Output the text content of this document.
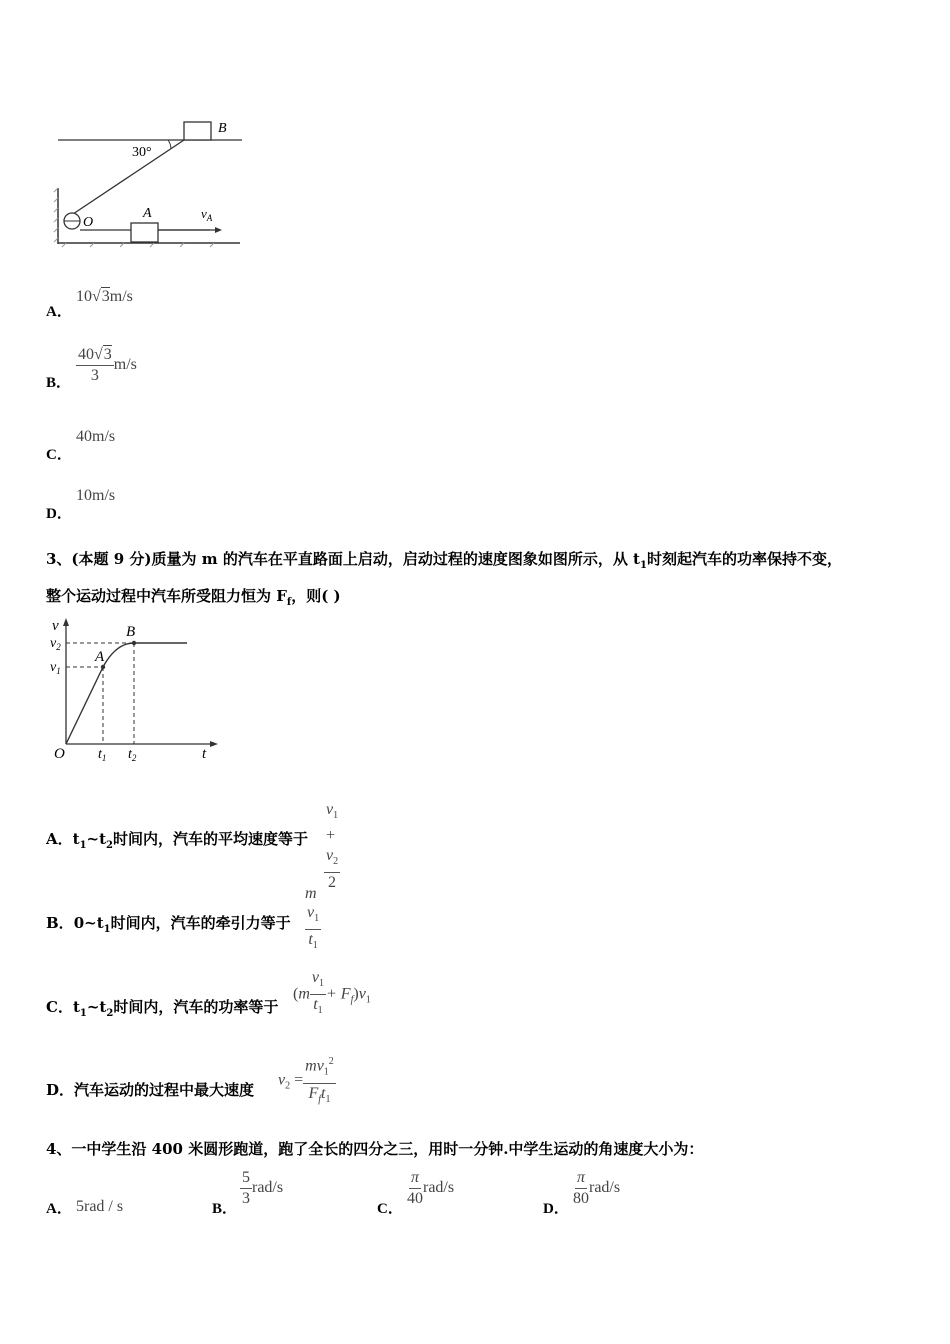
B
30°
O
A	$v_A$
A．
10√3m/s
B． $\frac{40√3}{3} m/s$
C．
40m/s
D．
10m/s
3、(本题 9 分)质量为 m 的汽车在平直路面上启动，启动过程的速度图象如图所示，从 $t_1$时刻起汽车的功率保持不变，
整个运动过程中汽车所受阻力恒为 $F_f$，则( )
v
$v_2$
$v_1$
O	t
$t_1$ $t_2$
A
B
A．$t_1\sim t_2$时间内，汽车的平均速度等于 $\frac{v_1 + v_2}{2}$
B．$0\sim t_1$时间内，汽车的牵引力等于
m
$\frac{v_1}{t_1}$
C．$t_1\sim t_2$时间内，汽车的功率等于
$(m \frac{v_1}{t_1} + F_f)v_1$
D．汽车运动的过程中最大速度
$v_2 = \frac{mv_1^2}{F_ft_1}$
4、一中学生沿 400 米圆形跑道，跑了全长的四分之三，用时一分钟.中学生运动的角速度大小为：
A． 5rad / s	B． $\frac{5}{3} rad/s$
C． $\frac{\pi}{40} rad/s$
D． $\frac{\pi}{80} rad/s$
